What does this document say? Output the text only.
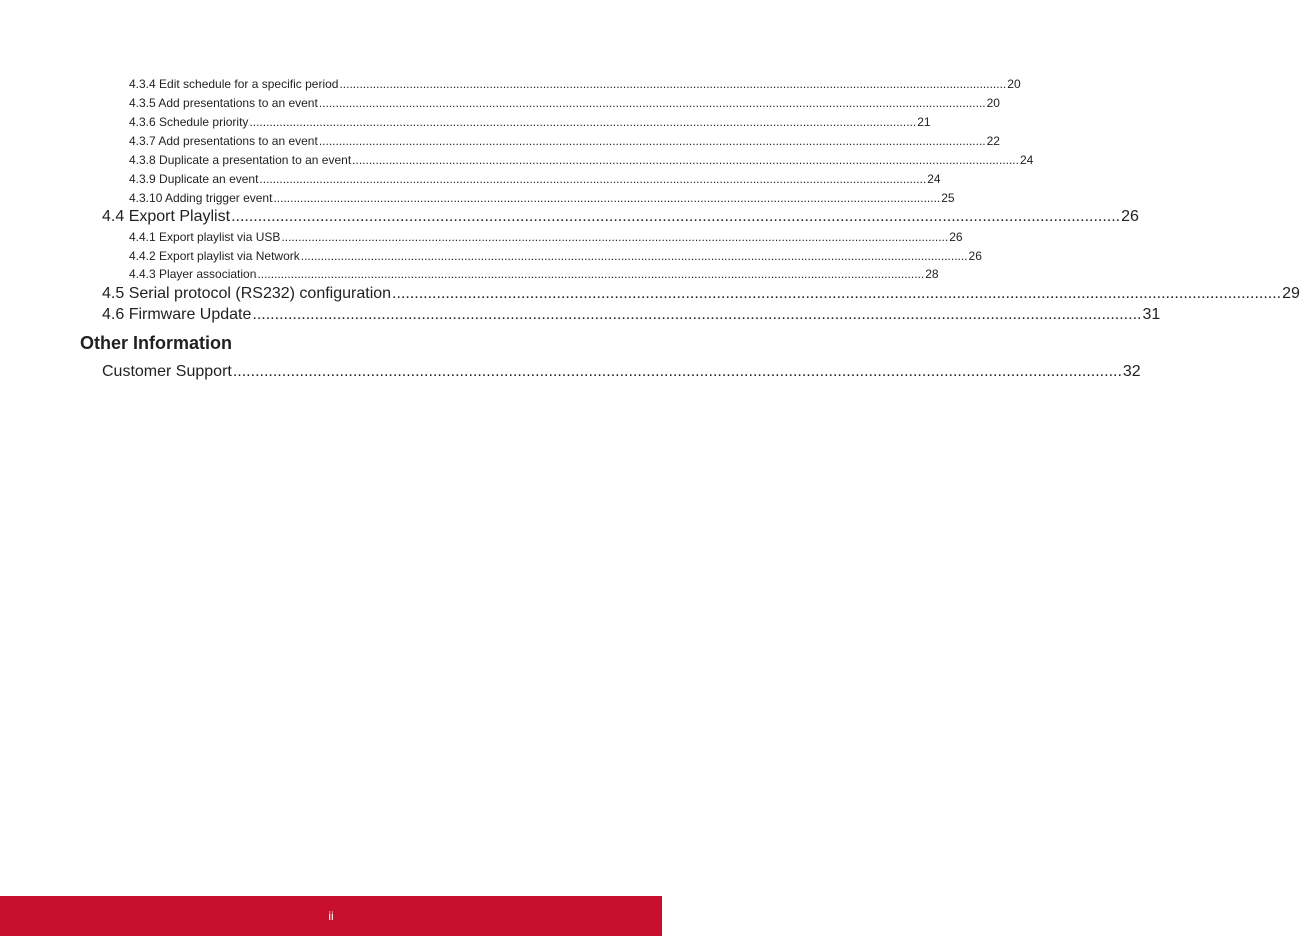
4.3.4 Edit schedule for a specific period ........................................................................................................................................................................................................ 20
4.3.5 Add presentations to an event ........................................................................................................................................................................................................ 20
4.3.6 Schedule priority ........................................................................................................................................................................................................ 21
4.3.7 Add presentations to an event ........................................................................................................................................................................................................ 22
4.3.8 Duplicate a presentation to an event ........................................................................................................................................................................................................ 24
4.3.9 Duplicate an event ........................................................................................................................................................................................................ 24
4.3.10 Adding trigger event ........................................................................................................................................................................................................ 25
4.4 Export Playlist ........................................................................................................................................................................................................ 26
4.4.1 Export playlist via USB ........................................................................................................................................................................................................ 26
4.4.2 Export playlist via Network ........................................................................................................................................................................................................ 26
4.4.3 Player association ........................................................................................................................................................................................................ 28
4.5 Serial protocol (RS232) configuration ........................................................................................................................................................................................................ 29
4.6 Firmware Update ........................................................................................................................................................................................................ 31
Other Information
Customer Support ........................................................................................................................................................................................................ 32
ii
